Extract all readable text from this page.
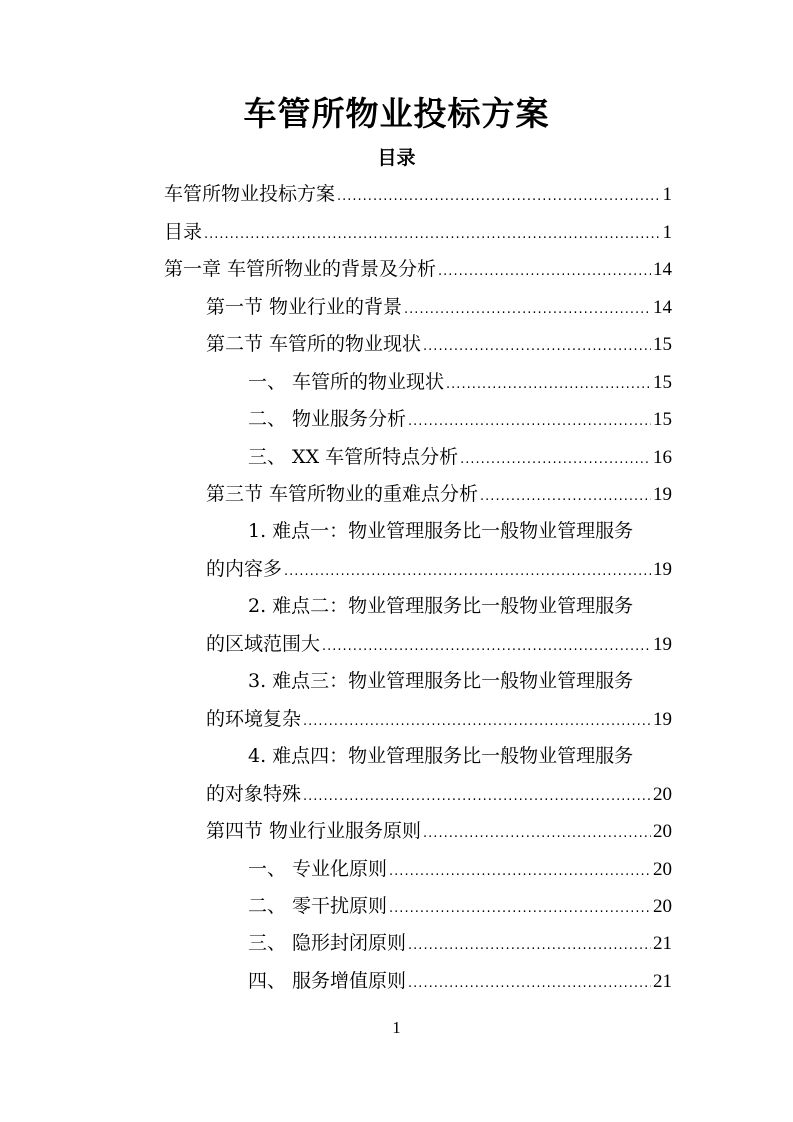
车管所物业投标方案
目录
车管所物业投标方案 .....	1
目录 .....	1
第一章 车管所物业的背景及分析 .....	14
第一节 物业行业的背景 .....	14
第二节 车管所的物业现状 .....	15
一、 车管所的物业现状 .....	15
二、 物业服务分析 .....	15
三、 XX 车管所特点分析 .....	16
第三节 车管所物业的重难点分析 .....	19
1. 难点一：物业管理服务比一般物业管理服务
的内容多 .....	19
2. 难点二：物业管理服务比一般物业管理服务
的区域范围大 .....	19
3. 难点三：物业管理服务比一般物业管理服务
的环境复杂 .....	19
4. 难点四：物业管理服务比一般物业管理服务
的对象特殊 .....	20
第四节 物业行业服务原则 .....	20
一、 专业化原则 .....	20
二、 零干扰原则 .....	20
三、 隐形封闭原则 .....	21
四、 服务增值原则 .....	21
1
